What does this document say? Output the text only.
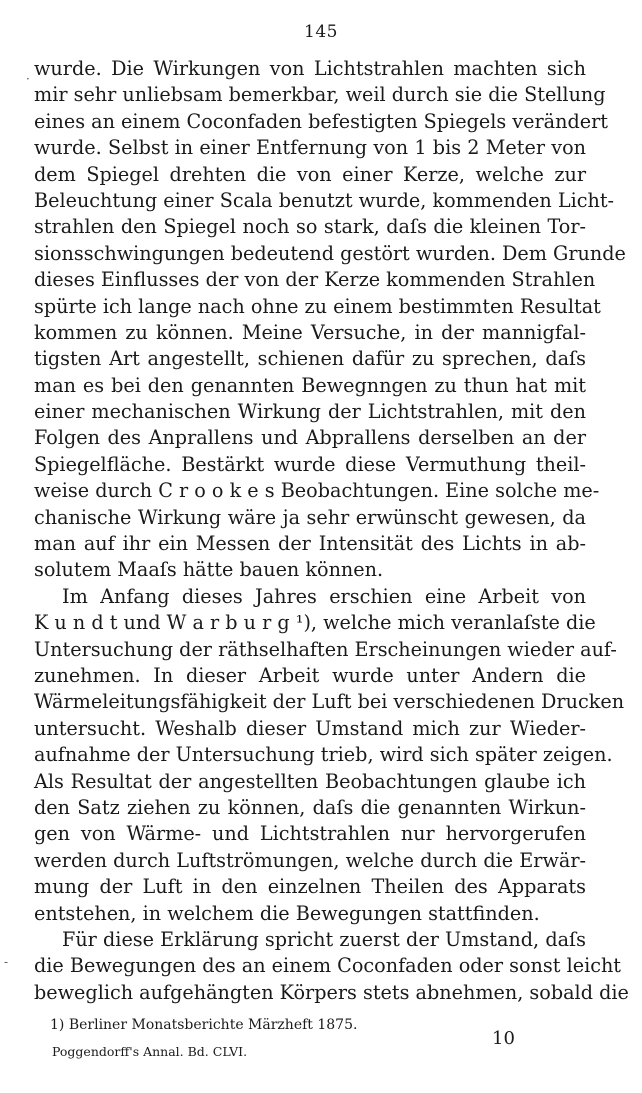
145
·
-
wurde. Die Wirkungen von Lichtstrahlen machten sich
mir sehr unliebsam bemerkbar, weil durch sie die Stellung
eines an einem Coconfaden befestigten Spiegels verändert
wurde. Selbst in einer Entfernung von 1 bis 2 Meter von
dem Spiegel drehten die von einer Kerze, welche zur
Beleuchtung einer Scala benutzt wurde, kommenden Licht-
strahlen den Spiegel noch so stark, daſs die kleinen Tor-
sionsschwingungen bedeutend gestört wurden. Dem Grunde
dieses Einflusses der von der Kerze kommenden Strahlen
spürte ich lange nach ohne zu einem bestimmten Resultat
kommen zu können. Meine Versuche, in der mannigfal-
tigsten Art angestellt, schienen dafür zu sprechen, daſs
man es bei den genannten Bewegnngen zu thun hat mit
einer mechanischen Wirkung der Lichtstrahlen, mit den
Folgen des Anprallens und Abprallens derselben an der
Spiegelfläche. Bestärkt wurde diese Vermuthung theil-
weise durch C r o o k e s Beobachtungen. Eine solche me-
chanische Wirkung wäre ja sehr erwünscht gewesen, da
man auf ihr ein Messen der Intensität des Lichts in ab-
solutem Maaſs hätte bauen können.
Im Anfang dieses Jahres erschien eine Arbeit von
K u n d t und W a r b u r g ¹), welche mich veranlaſste die
Untersuchung der räthselhaften Erscheinungen wieder auf-
zunehmen. In dieser Arbeit wurde unter Andern die
Wärmeleitungsfähigkeit der Luft bei verschiedenen Drucken
untersucht. Weshalb dieser Umstand mich zur Wieder-
aufnahme der Untersuchung trieb, wird sich später zeigen.
Als Resultat der angestellten Beobachtungen glaube ich
den Satz ziehen zu können, daſs die genannten Wirkun-
gen von Wärme- und Lichtstrahlen nur hervorgerufen
werden durch Luftströmungen, welche durch die Erwär-
mung der Luft in den einzelnen Theilen des Apparats
entstehen, in welchem die Bewegungen stattfinden.
Für diese Erklärung spricht zuerst der Umstand, daſs
die Bewegungen des an einem Coconfaden oder sonst leicht
beweglich aufgehängten Körpers stets abnehmen, sobald die
1) Berliner Monatsberichte Märzheft 1875.
Poggendorff's Annal. Bd. CLVI.
10
